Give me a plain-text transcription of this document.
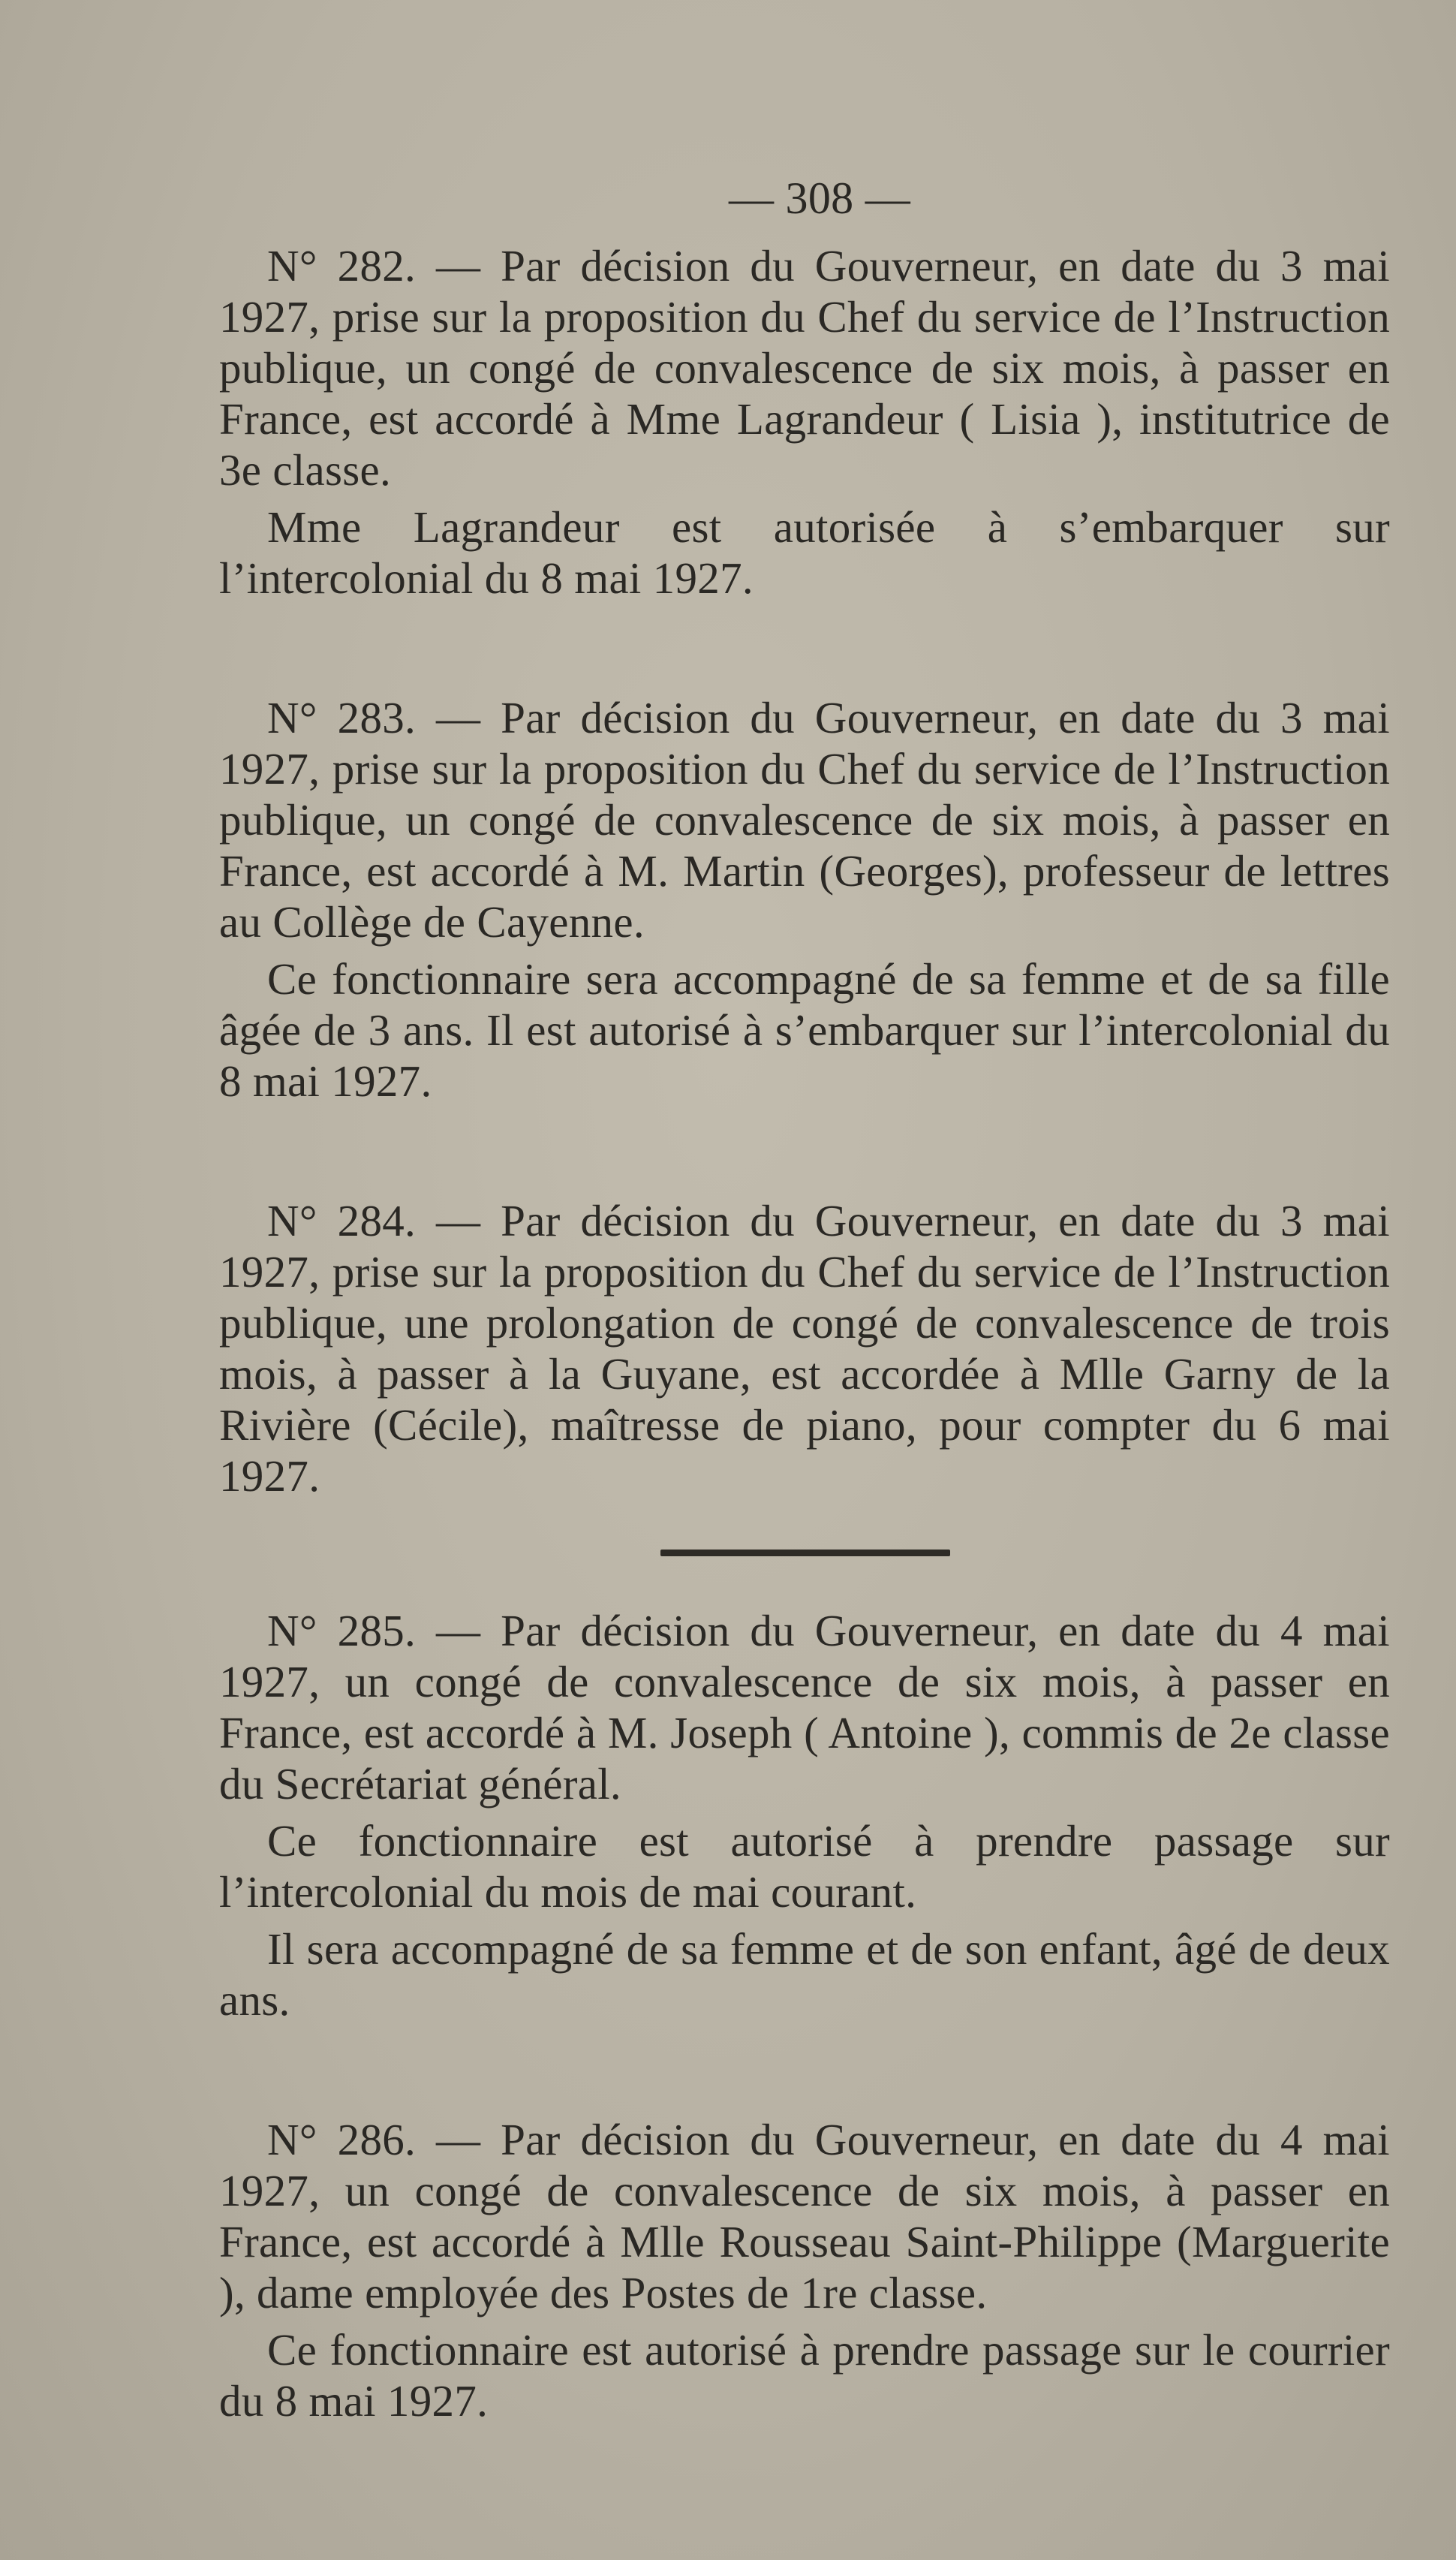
— 308 —

N° 282. — Par décision du Gouverneur, en date du 3 mai 1927, prise sur la proposition du Chef du service de l’Instruction publique, un congé de convalescence de six mois, à passer en France, est accordé à Mme Lagrandeur ( Lisia ), institutrice de 3e classe.

Mme Lagrandeur est autorisée à s’embarquer sur l’intercolonial du 8 mai 1927.

N° 283. — Par décision du Gouverneur, en date du 3 mai 1927, prise sur la proposition du Chef du service de l’Instruction publique, un congé de convalescence de six mois, à passer en France, est accordé à M. Martin (Georges), professeur de lettres au Collège de Cayenne.

Ce fonctionnaire sera accompagné de sa femme et de sa fille âgée de 3 ans. Il est autorisé à s’embarquer sur l’intercolonial du 8 mai 1927.

N° 284. — Par décision du Gouverneur, en date du 3 mai 1927, prise sur la proposition du Chef du service de l’Instruction publique, une prolongation de congé de convalescence de trois mois, à passer à la Guyane, est accordée à Mlle Garny de la Rivière (Cécile), maîtresse de piano, pour compter du 6 mai 1927.

N° 285. — Par décision du Gouverneur, en date du 4 mai 1927, un congé de convalescence de six mois, à passer en France, est accordé à M. Joseph ( Antoine ), commis de 2e classe du Secrétariat général.

Ce fonctionnaire est autorisé à prendre passage sur l’intercolonial du mois de mai courant.

Il sera accompagné de sa femme et de son enfant, âgé de deux ans.

N° 286. — Par décision du Gouverneur, en date du 4 mai 1927, un congé de convalescence de six mois, à passer en France, est accordé à Mlle Rousseau Saint-Philippe (Marguerite ), dame employée des Postes de 1re classe.

Ce fonctionnaire est autorisé à prendre passage sur le courrier du 8 mai 1927.
